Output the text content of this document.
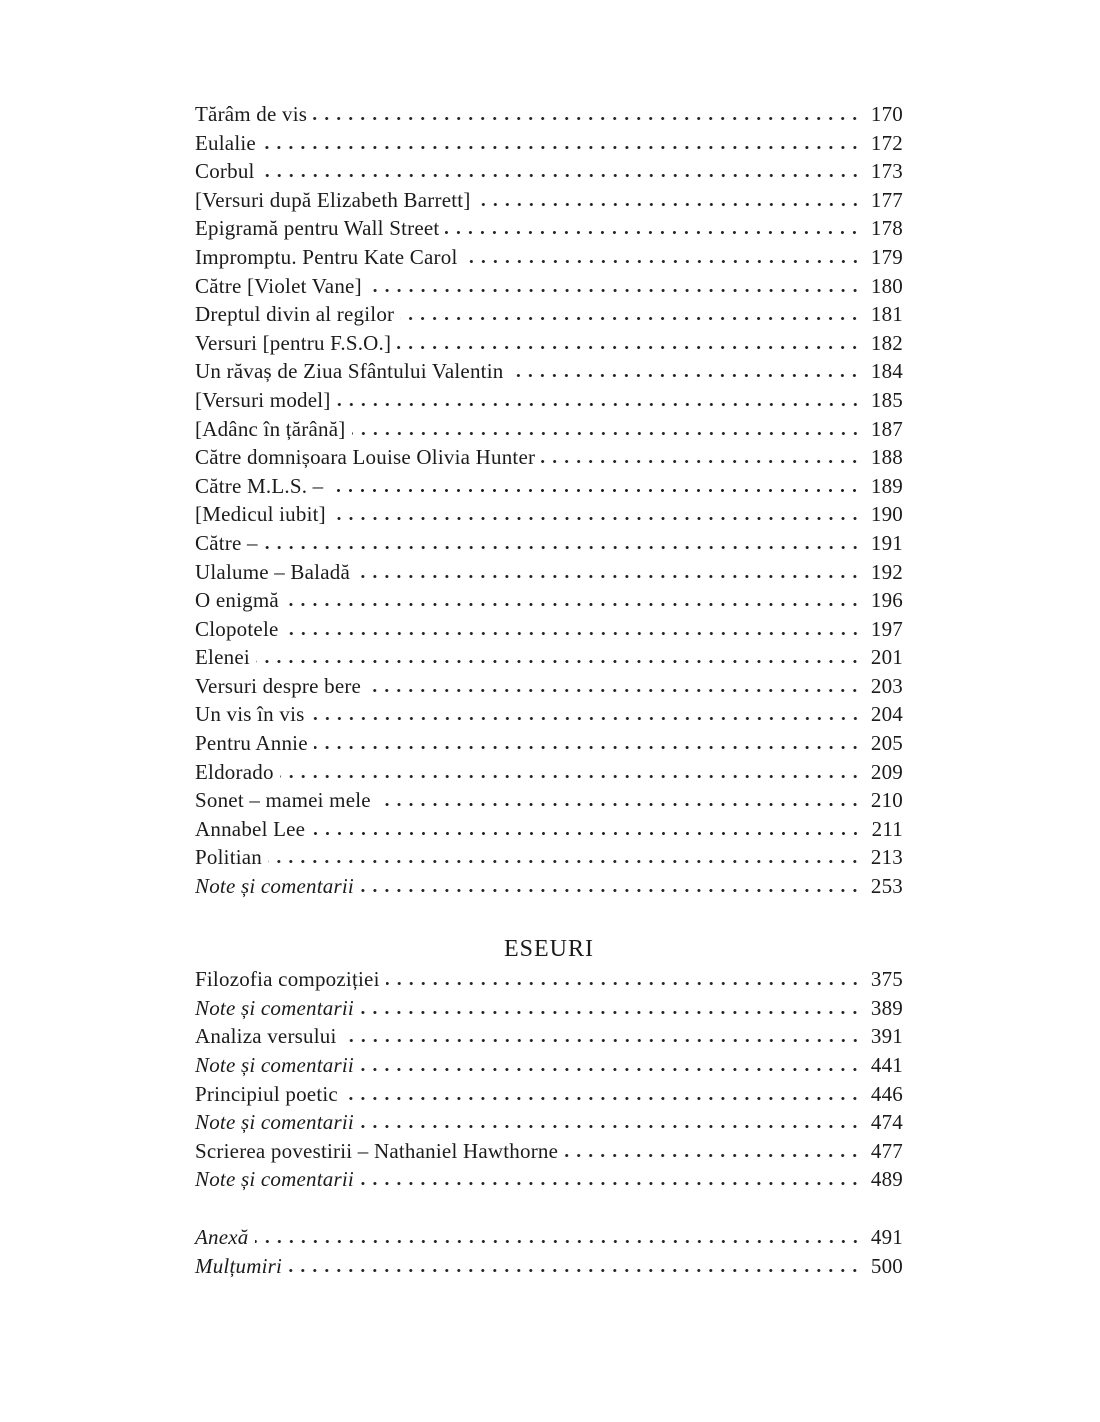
Tărâm de vis	170
Eulalie	172
Corbul	173
[Versuri după Elizabeth Barrett]	177
Epigramă pentru Wall Street	178
Impromptu. Pentru Kate Carol	179
Către [Violet Vane]	180
Dreptul divin al regilor	181
Versuri [pentru F.S.O.]	182
Un răvaș de Ziua Sfântului Valentin	184
[Versuri model]	185
[Adânc în țărână]	187
Către domnișoara Louise Olivia Hunter	188
Către M.L.S. –	189
[Medicul iubit]	190
Către –	191
Ulalume – Baladă	192
O enigmă	196
Clopotele	197
Elenei	201
Versuri despre bere	203
Un vis în vis	204
Pentru Annie	205
Eldorado	209
Sonet – mamei mele	210
Annabel Lee	211
Politian	213
Note și comentarii	253
ESEURI
Filozofia compoziției	375
Note și comentarii	389
Analiza versului	391
Note și comentarii	441
Principiul poetic	446
Note și comentarii	474
Scrierea povestirii – Nathaniel Hawthorne	477
Note și comentarii	489
Anexă	491
Mulțumiri	500
